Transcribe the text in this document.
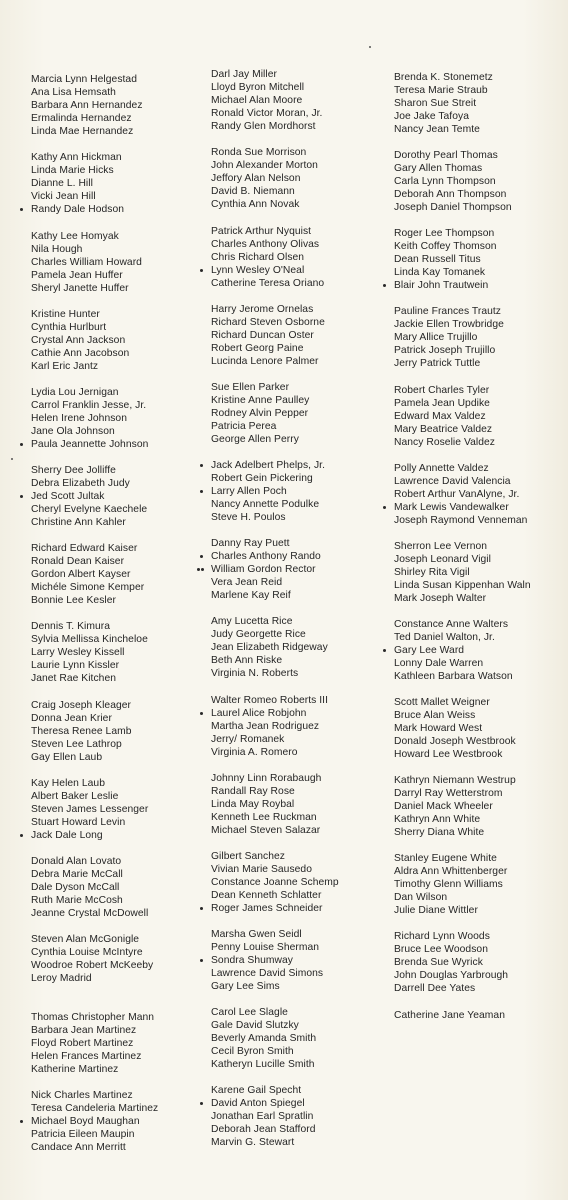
Marcia Lynn Helgestad
Ana Lisa Hemsath
Barbara Ann Hernandez
Ermalinda Hernandez
Linda Mae Hernandez
Kathy Ann Hickman
Linda Marie Hicks
Dianne L. Hill
Vicki Jean Hill
Randy Dale Hodson
Kathy Lee Homyak
Nila Hough
Charles William Howard
Pamela Jean Huffer
Sheryl Janette Huffer
Kristine Hunter
Cynthia Hurlburt
Crystal Ann Jackson
Cathie Ann Jacobson
Karl Eric Jantz
Lydia Lou Jernigan
Carrol Franklin Jesse, Jr.
Helen Irene Johnson
Jane Ola Johnson
Paula Jeannette Johnson
Sherry Dee Jolliffe
Debra Elizabeth Judy
Jed Scott Jultak
Cheryl Evelyne Kaechele
Christine Ann Kahler
Richard Edward Kaiser
Ronald Dean Kaiser
Gordon Albert Kayser
Michéle Simone Kemper
Bonnie Lee Kesler
Dennis T. Kimura
Sylvia Mellissa Kincheloe
Larry Wesley Kissell
Laurie Lynn Kissler
Janet Rae Kitchen
Craig Joseph Kleager
Donna Jean Krier
Theresa Renee Lamb
Steven Lee Lathrop
Gay Ellen Laub
Kay Helen Laub
Albert Baker Leslie
Steven James Lessenger
Stuart Howard Levin
Jack Dale Long
Donald Alan Lovato
Debra Marie McCall
Dale Dyson McCall
Ruth Marie McCosh
Jeanne Crystal McDowell
Steven Alan McGonigle
Cynthia Louise McIntyre
Woodroe Robert McKeeby
Leroy Madrid
Thomas Christopher Mann
Barbara Jean Martinez
Floyd Robert Martinez
Helen Frances Martinez
Katherine Martinez
Nick Charles Martinez
Teresa Candeleria Martinez
Michael Boyd Maughan
Patricia Eileen Maupin
Candace Ann Merritt
Darl Jay Miller
Lloyd Byron Mitchell
Michael Alan Moore
Ronald Victor Moran, Jr.
Randy Glen Mordhorst
Ronda Sue Morrison
John Alexander Morton
Jeffory Alan Nelson
David B. Niemann
Cynthia Ann Novak
Patrick Arthur Nyquist
Charles Anthony Olivas
Chris Richard Olsen
Lynn Wesley O'Neal
Catherine Teresa Oriano
Harry Jerome Ornelas
Richard Steven Osborne
Richard Duncan Oster
Robert Georg Paine
Lucinda Lenore Palmer
Sue Ellen Parker
Kristine Anne Paulley
Rodney Alvin Pepper
Patricia Perea
George Allen Perry
Jack Adelbert Phelps, Jr.
Robert Gein Pickering
Larry Allen Poch
Nancy Annette Podulke
Steve H. Poulos
Danny Ray Puett
Charles Anthony Rando
William Gordon Rector
Vera Jean Reid
Marlene Kay Reif
Amy Lucetta Rice
Judy Georgette Rice
Jean Elizabeth Ridgeway
Beth Ann Riske
Virginia N. Roberts
Walter Romeo Roberts III
Laurel Alice Robjohn
Martha Jean Rodriguez
Jerry/ Romanek
Virginia A. Romero
Johnny Linn Rorabaugh
Randall Ray Rose
Linda May Roybal
Kenneth Lee Ruckman
Michael Steven Salazar
Gilbert Sanchez
Vivian Marie Sausedo
Constance Joanne Schemp
Dean Kenneth Schlatter
Roger James Schneider
Marsha Gwen Seidl
Penny Louise Sherman
Sondra Shumway
Lawrence David Simons
Gary Lee Sims
Carol Lee Slagle
Gale David Slutzky
Beverly Amanda Smith
Cecil Byron Smith
Katheryn Lucille Smith
Karene Gail Specht
David Anton Spiegel
Jonathan Earl Spratlin
Deborah Jean Stafford
Marvin G. Stewart
Brenda K. Stonemetz
Teresa Marie Straub
Sharon Sue Streit
Joe Jake Tafoya
Nancy Jean Temte
Dorothy Pearl Thomas
Gary Allen Thomas
Carla Lynn Thompson
Deborah Ann Thompson
Joseph Daniel Thompson
Roger Lee Thompson
Keith Coffey Thomson
Dean Russell Titus
Linda Kay Tomanek
Blair John Trautwein
Pauline Frances Trautz
Jackie Ellen Trowbridge
Mary Allice Trujillo
Patrick Joseph Trujillo
Jerry Patrick Tuttle
Robert Charles Tyler
Pamela Jean Updike
Edward Max Valdez
Mary Beatrice Valdez
Nancy Roselie Valdez
Polly Annette Valdez
Lawrence David Valencia
Robert Arthur VanAlyne, Jr.
Mark Lewis Vandewalker
Joseph Raymond Venneman
Sherron Lee Vernon
Joseph Leonard Vigil
Shirley Rita Vigil
Linda Susan Kippenhan Waln
Mark Joseph Walter
Constance Anne Walters
Ted Daniel Walton, Jr.
Gary Lee Ward
Lonny Dale Warren
Kathleen Barbara Watson
Scott Mallet Weigner
Bruce Alan Weiss
Mark Howard West
Donald Joseph Westbrook
Howard Lee Westbrook
Kathryn Niemann Westrup
Darryl Ray Wetterstrom
Daniel Mack Wheeler
Kathryn Ann White
Sherry Diana White
Stanley Eugene White
Aldra Ann Whittenberger
Timothy Glenn Williams
Dan Wilson
Julie Diane Wittler
Richard Lynn Woods
Bruce Lee Woodson
Brenda Sue Wyrick
John Douglas Yarbrough
Darrell Dee Yates
Catherine Jane Yeaman
